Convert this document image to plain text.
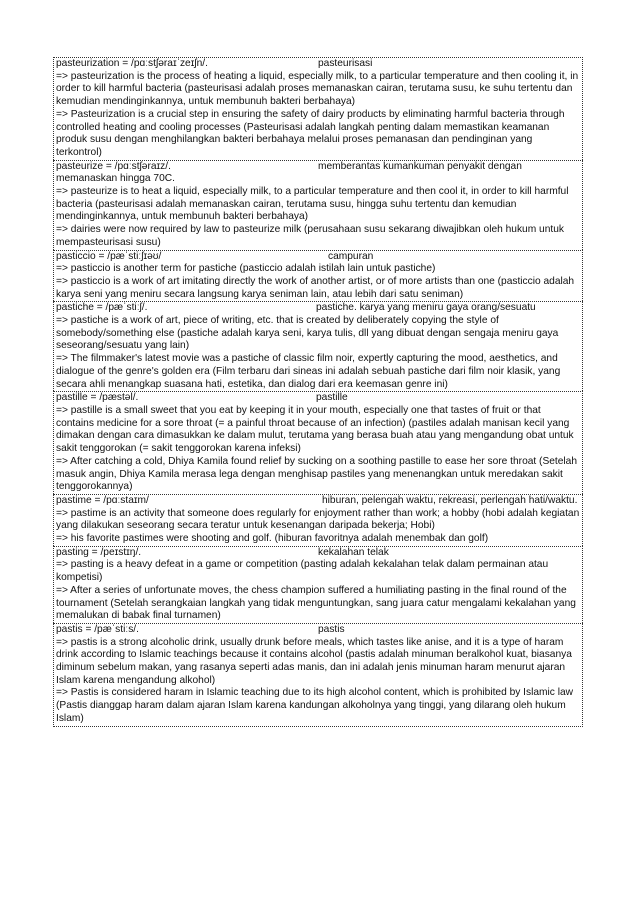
pasteurization = /pɑːstʃəraɪˈzeɪʃn/.	pasteurisasi

=> pasteurization is the process of heating a liquid, especially milk, to a particular temperature and then cooling it, in order to kill harmful bacteria (pasteurisasi adalah proses memanaskan cairan, terutama susu, ke suhu tertentu dan kemudian mendinginkannya, untuk membunuh bakteri berbahaya)

=> Pasteurization is a crucial step in ensuring the safety of dairy products by eliminating harmful bacteria through controlled heating and cooling processes (Pasteurisasi adalah langkah penting dalam memastikan keamanan produk susu dengan menghilangkan bakteri berbahaya melalui proses pemanasan dan pendinginan yang terkontrol)

pasteurize = /pɑːstʃəraɪz/.	memberantas kumankuman penyakit dengan memanaskan hingga 70C.

=> pasteurize is to heat a liquid, especially milk, to a particular temperature and then cool it, in order to kill harmful bacteria (pasteurisasi adalah memanaskan cairan, terutama susu, hingga suhu tertentu dan kemudian mendinginkannya, untuk membunuh bakteri berbahaya)

=> dairies were now required by law to pasteurize milk (perusahaan susu sekarang diwajibkan oleh hukum untuk mempasteurisasi susu)

pasticcio = /pæˈstiːʃɪəʊ/	campuran

=> pasticcio is another term for pastiche (pasticcio adalah istilah lain untuk pastiche)

=> pasticcio is a work of art imitating directly the work of another artist, or of more artists than one (pasticcio adalah karya seni yang meniru secara langsung karya seniman lain, atau lebih dari satu seniman)

pastiche = /pæˈstiːʃ/.	pastiche. karya yang meniru gaya orang/sesuatu

=> pastiche is a work of art, piece of writing, etc. that is created by deliberately copying the style of somebody/something else (pastiche adalah karya seni, karya tulis, dll yang dibuat dengan sengaja meniru gaya seseorang/sesuatu yang lain)

=> The filmmaker's latest movie was a pastiche of classic film noir, expertly capturing the mood, aesthetics, and dialogue of the genre's golden era (Film terbaru dari sineas ini adalah sebuah pastiche dari film noir klasik, yang secara ahli menangkap suasana hati, estetika, dan dialog dari era keemasan genre ini)

pastille = /pæstəl/.	pastille

=> pastille is a small sweet that you eat by keeping it in your mouth, especially one that tastes of fruit or that contains medicine for a sore throat (= a painful throat because of an infection) (pastiles adalah manisan kecil yang dimakan dengan cara dimasukkan ke dalam mulut, terutama yang berasa buah atau yang mengandung obat untuk sakit tenggorokan (= sakit tenggorokan karena infeksi)

=> After catching a cold, Dhiya Kamila found relief by sucking on a soothing pastille to ease her sore throat (Setelah masuk angin, Dhiya Kamila merasa lega dengan menghisap pastiles yang menenangkan untuk meredakan sakit tenggorokannya)

pastime = /pɑːstaɪm/	hiburan, pelengah waktu, rekreasi, perlengah hati/waktu.

=> pastime is an activity that someone does regularly for enjoyment rather than work; a hobby (hobi adalah kegiatan yang dilakukan seseorang secara teratur untuk kesenangan daripada bekerja; Hobi)

=> his favorite pastimes were shooting and golf. (hiburan favoritnya adalah menembak dan golf)

pasting = /peɪstɪŋ/.	kekalahan telak

=> pasting is a heavy defeat in a game or competition (pasting adalah kekalahan telak dalam permainan atau kompetisi)

=> After a series of unfortunate moves, the chess champion suffered a humiliating pasting in the final round of the tournament (Setelah serangkaian langkah yang tidak menguntungkan, sang juara catur mengalami kekalahan yang memalukan di babak final turnamen)

pastis = /pæˈstiːs/.	pastis

=> pastis is a strong alcoholic drink, usually drunk before meals, which tastes like anise, and it is a type of haram drink according to Islamic teachings because it contains alcohol (pastis adalah minuman beralkohol kuat, biasanya diminum sebelum makan, yang rasanya seperti adas manis, dan ini adalah jenis minuman haram menurut ajaran Islam karena mengandung alkohol)

=> Pastis is considered haram in Islamic teaching due to its high alcohol content, which is prohibited by Islamic law (Pastis dianggap haram dalam ajaran Islam karena kandungan alkoholnya yang tinggi, yang dilarang oleh hukum Islam)
